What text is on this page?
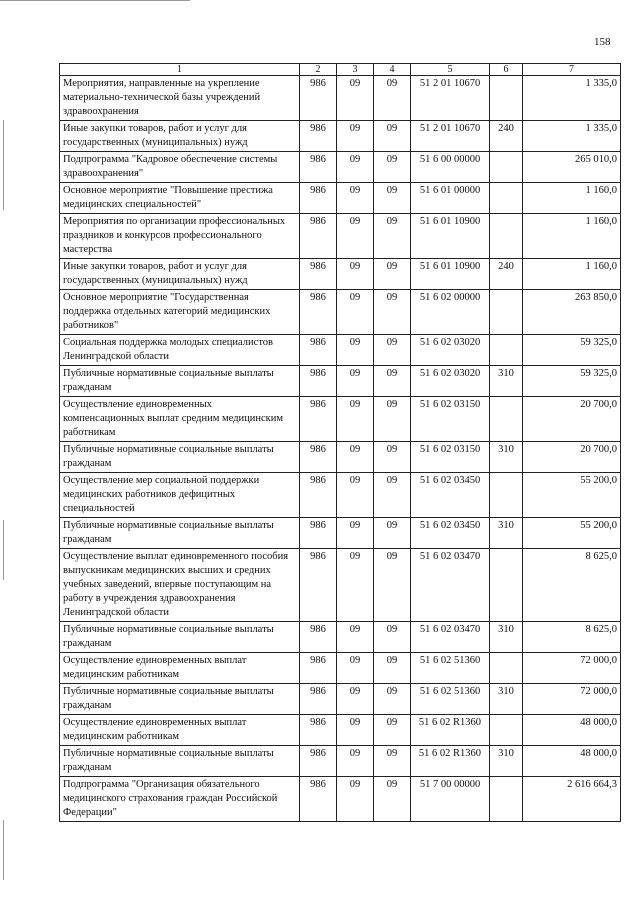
158
1	2	3	4	5	6	7
Мероприятия, направленные на укрепление материально-технической базы учреждений здравоохранения	986	09	09	51 2 01 10670		1 335,0
Иные закупки товаров, работ и услуг для государственных (муниципальных) нужд	986	09	09	51 2 01 10670	240	1 335,0
Подпрограмма "Кадровое обеспечение системы здравоохранения"	986	09	09	51 6 00 00000		265 010,0
Основное мероприятие "Повышение престижа медицинских специальностей"	986	09	09	51 6 01 00000		1 160,0
Мероприятия по организации профессиональных праздников и конкурсов профессионального мастерства	986	09	09	51 6 01 10900		1 160,0
Иные закупки товаров, работ и услуг для государственных (муниципальных) нужд	986	09	09	51 6 01 10900	240	1 160,0
Основное мероприятие "Государственная поддержка отдельных категорий медицинских работников"	986	09	09	51 6 02 00000		263 850,0
Социальная поддержка молодых специалистов Ленинградской области	986	09	09	51 6 02 03020		59 325,0
Публичные нормативные социальные выплаты гражданам	986	09	09	51 6 02 03020	310	59 325,0
Осуществление единовременных компенсационных выплат средним медицинским работникам	986	09	09	51 6 02 03150		20 700,0
Публичные нормативные социальные выплаты гражданам	986	09	09	51 6 02 03150	310	20 700,0
Осуществление мер социальной поддержки медицинских работников дефицитных специальностей	986	09	09	51 6 02 03450		55 200,0
Публичные нормативные социальные выплаты гражданам	986	09	09	51 6 02 03450	310	55 200,0
Осуществление выплат единовременного пособия выпускникам медицинских высших и средних учебных заведений, впервые поступающим на работу в учреждения здравоохранения Ленинградской области	986	09	09	51 6 02 03470		8 625,0
Публичные нормативные социальные выплаты гражданам	986	09	09	51 6 02 03470	310	8 625,0
Осуществление единовременных выплат медицинским работникам	986	09	09	51 6 02 51360		72 000,0
Публичные нормативные социальные выплаты гражданам	986	09	09	51 6 02 51360	310	72 000,0
Осуществление единовременных выплат медицинским работникам	986	09	09	51 6 02 R1360		48 000,0
Публичные нормативные социальные выплаты гражданам	986	09	09	51 6 02 R1360	310	48 000,0
Подпрограмма "Организация обязательного медицинского страхования граждан Российской Федерации"	986	09	09	51 7 00 00000		2 616 664,3
